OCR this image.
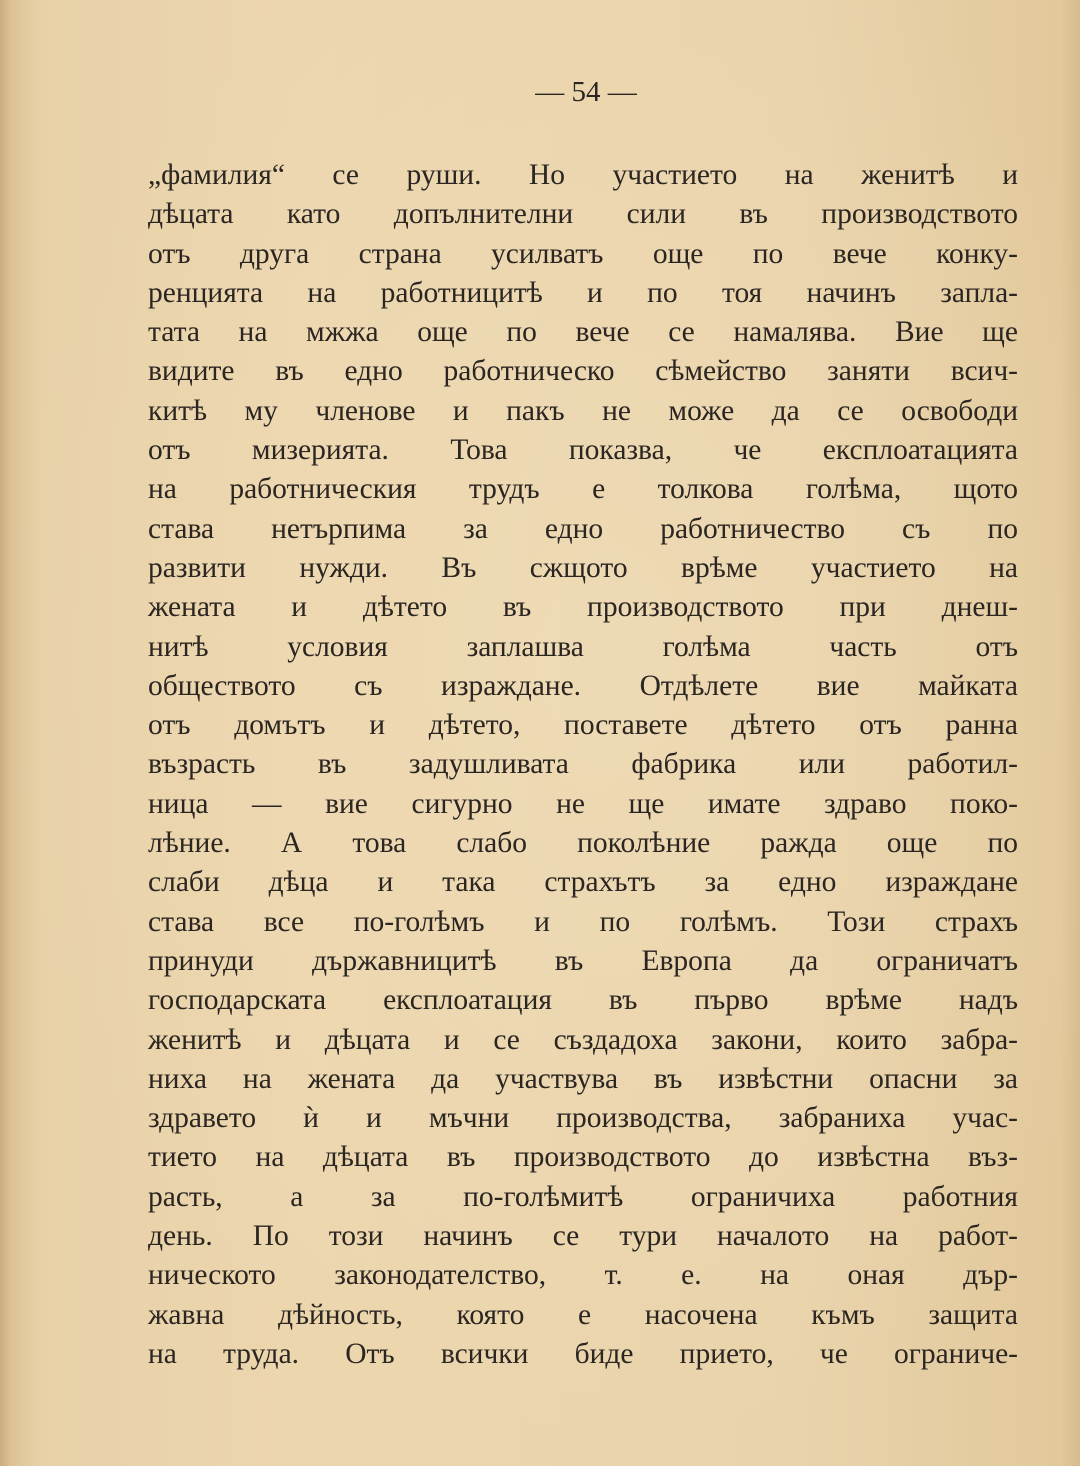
— 54 —
„фамилия“ се руши. Но участието на женитѣ и
дѣцата като допълнителни сили въ производството
отъ друга страна усилватъ още по вече конку-
ренцията на работницитѣ и по тоя начинъ запла-
тата на мжжа още по вече се намалява. Вие ще
видите въ едно работническо сѣмейство заняти всич-
китѣ му членове и пакъ не може да се освободи
отъ мизерията. Това показва, че експлоатацията
на работническия трудъ е толкова голѣма, щото
става нетърпима за едно работничество съ по
развити нужди. Въ сжщото врѣме участието на
жената и дѣтето въ производството при днеш-
нитѣ условия заплашва голѣма часть отъ
обществото съ израждане. Отдѣлете вие майката
отъ домътъ и дѣтето, поставете дѣтето отъ ранна
възрасть въ задушливата фабрика или работил-
ница — вие сигурно не ще имате здраво поко-
лѣние. А това слабо поколѣние ражда още по
слаби дѣца и така страхътъ за едно израждане
става все по-голѣмъ и по голѣмъ. Този страхъ
принуди държавницитѣ въ Европа да ограничатъ
господарската експлоатация въ първо врѣме надъ
женитѣ и дѣцата и се създадоха закони, които забра-
ниха на жената да участвува въ извѣстни опасни за
здравето ѝ и мъчни производства, забраниха учас-
тието на дѣцата въ производството до извѣстна въз-
расть, а за по-голѣмитѣ ограничиха работния
день. По този начинъ се тури началото на работ-
ническото законодателство, т. е. на оная дър-
жавна дѣйность, която е насочена къмъ защита
на труда. Отъ всички биде прието, че ограниче-
